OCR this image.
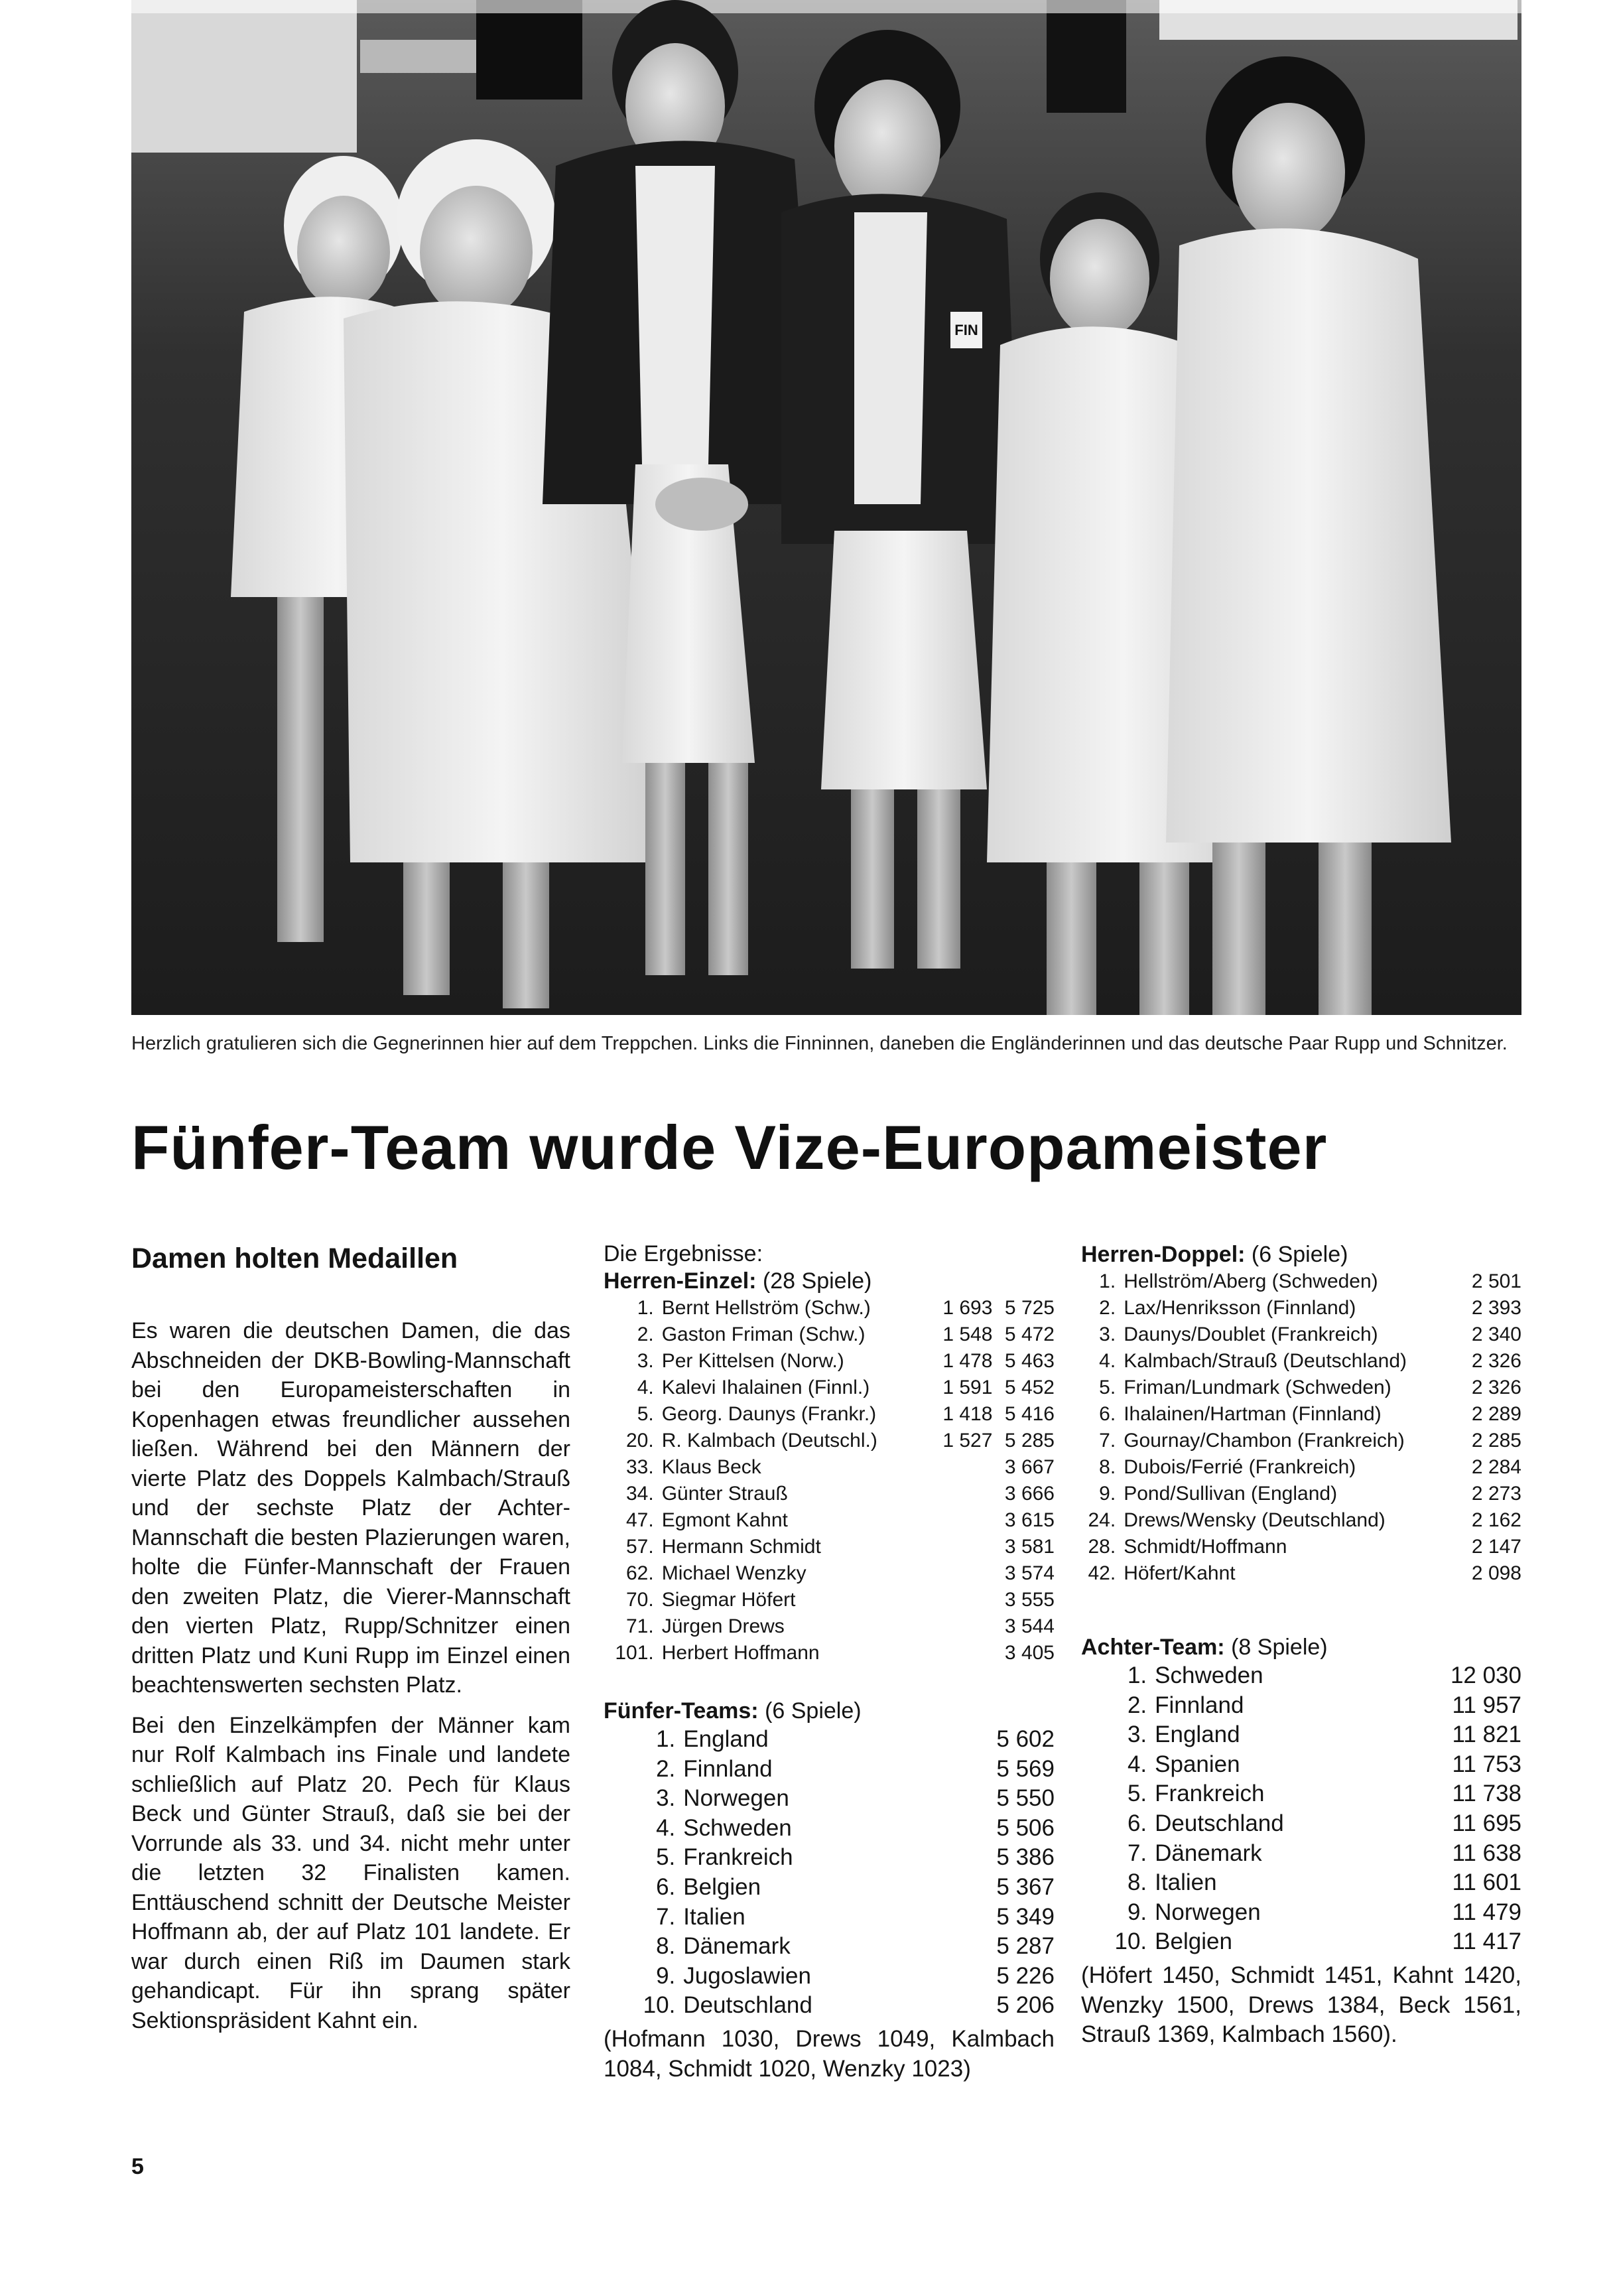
FIN
Herzlich gratulieren sich die Gegnerinnen hier auf dem Treppchen. Links die Finninnen, daneben die Engländerinnen und das deutsche Paar Rupp und Schnitzer.
Fünfer-Team wurde Vize-Europameister
Damen holten Medaillen

Es waren die deutschen Damen, die das Abschneiden der DKB-Bowling-Mannschaft bei den Europameisterschaften in Kopenhagen etwas freundlicher aussehen ließen. Während bei den Männern der vierte Platz des Doppels Kalmbach/Strauß und der sechste Platz der Achter-Mannschaft die besten Plazierungen waren, holte die Fünfer-Mannschaft der Frauen den zweiten Platz, die Vierer-Mannschaft den vierten Platz, Rupp/Schnitzer einen dritten Platz und Kuni Rupp im Einzel einen beachtenswerten sechsten Platz.

Bei den Einzelkämpfen der Männer kam nur Rolf Kalmbach ins Finale und landete schließlich auf Platz 20. Pech für Klaus Beck und Günter Strauß, daß sie bei der Vorrunde als 33. und 34. nicht mehr unter die letzten 32 Finalisten kamen. Enttäuschend schnitt der Deutsche Meister Hoffmann ab, der auf Platz 101 landete. Er war durch einen Riß im Daumen stark gehandicapt. Für ihn sprang später Sektionspräsident Kahnt ein.

Die Ergebnisse:
Herren-Einzel: (28 Spiele)
1.	Bernt Hellström (Schw.)	1 693	5 725
2.	Gaston Friman (Schw.)	1 548	5 472
3.	Per Kittelsen (Norw.)	1 478	5 463
4.	Kalevi Ihalainen (Finnl.)	1 591	5 452
5.	Georg. Daunys (Frankr.)	1 418	5 416
20.	R. Kalmbach (Deutschl.)	1 527	5 285
33.	Klaus Beck		3 667
34.	Günter Strauß		3 666
47.	Egmont Kahnt		3 615
57.	Hermann Schmidt		3 581
62.	Michael Wenzky		3 574
70.	Siegmar Höfert		3 555
71.	Jürgen Drews		3 544
101.	Herbert Hoffmann		3 405
Fünfer-Teams: (6 Spiele)
1.	England	5 602
2.	Finnland	5 569
3.	Norwegen	5 550
4.	Schweden	5 506
5.	Frankreich	5 386
6.	Belgien	5 367
7.	Italien	5 349
8.	Dänemark	5 287
9.	Jugoslawien	5 226
10.	Deutschland	5 206

(Hofmann 1030, Drews 1049, Kalmbach 1084, Schmidt 1020, Wenzky 1023)

Herren-Doppel: (6 Spiele)
1.	Hellström/Aberg (Schweden)	2 501
2.	Lax/Henriksson (Finnland)	2 393
3.	Daunys/Doublet (Frankreich)	2 340
4.	Kalmbach/Strauß (Deutschland)	2 326
5.	Friman/Lundmark (Schweden)	2 326
6.	Ihalainen/Hartman (Finnland)	2 289
7.	Gournay/Chambon (Frankreich)	2 285
8.	Dubois/Ferrié (Frankreich)	2 284
9.	Pond/Sullivan (England)	2 273
24.	Drews/Wensky (Deutschland)	2 162
28.	Schmidt/Hoffmann	2 147
42.	Höfert/Kahnt	2 098
Achter-Team: (8 Spiele)
1.	Schweden	12 030
2.	Finnland	11 957
3.	England	11 821
4.	Spanien	11 753
5.	Frankreich	11 738
6.	Deutschland	11 695
7.	Dänemark	11 638
8.	Italien	11 601
9.	Norwegen	11 479
10.	Belgien	11 417

(Höfert 1450, Schmidt 1451, Kahnt 1420, Wenzky 1500, Drews 1384, Beck 1561, Strauß 1369, Kalmbach 1560).

5
